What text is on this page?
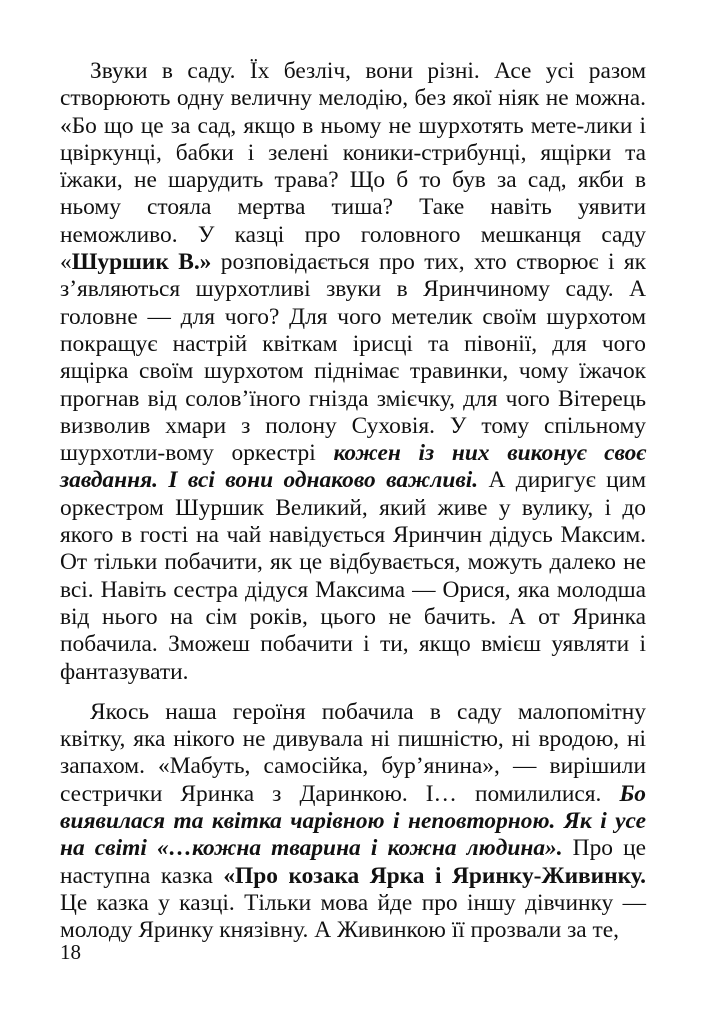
Звуки в саду. Їх безліч, вони різні. Асе усі разом створюють одну величну мелодію, без якої ніяк не можна. «Бо що це за сад, якщо в ньому не шурхотять мете-лики і цвіркунці, бабки і зелені коники-стрибунці, ящірки та їжаки, не шарудить трава? Що б то був за сад, якби в ньому стояла мертва тиша? Таке навіть уявити неможливо. У казці про головного мешканця саду «Шуршик В.» розповідається про тих, хто створює і як з’являються шурхотливі звуки в Яринчиному саду. А головне — для чого? Для чого метелик своїм шурхотом покращує настрій квіткам ірисці та півонії, для чого ящірка своїм шурхотом піднімає травинки, чому їжачок прогнав від солов’їного гнізда змієчку, для чого Вітерець визволив хмари з полону Суховія. У тому спільному шурхотли-вому оркестрі кожен із них виконує своє завдання. І всі вони однаково важливі. А диригує цим оркестром Шуршик Великий, який живе у вулику, і до якого в гості на чай навідується Яринчин дідусь Максим. От тільки побачити, як це відбувається, можуть далеко не всі. Навіть сестра дідуся Максима — Орися, яка молодша від нього на сім років, цього не бачить. А от Яринка побачила. Зможеш побачити і ти, якщо вмієш уявляти і фантазувати.

Якось наша героїня побачила в саду малопомітну квітку, яка нікого не дивувала ні пишністю, ні вродою, ні запахом. «Мабуть, самосійка, бур’янина», — вирішили сестрички Яринка з Даринкою. І… помилилися. Бо виявилася та квітка чарівною і неповторною. Як і усе на світі «…кожна тварина і кожна людина». Про це наступна казка «Про козака Ярка і Яринку-Живинку. Це казка у казці. Тільки мова йде про іншу дівчинку — молоду Яринку князівну. А Живинкою її прозвали за те,

18
